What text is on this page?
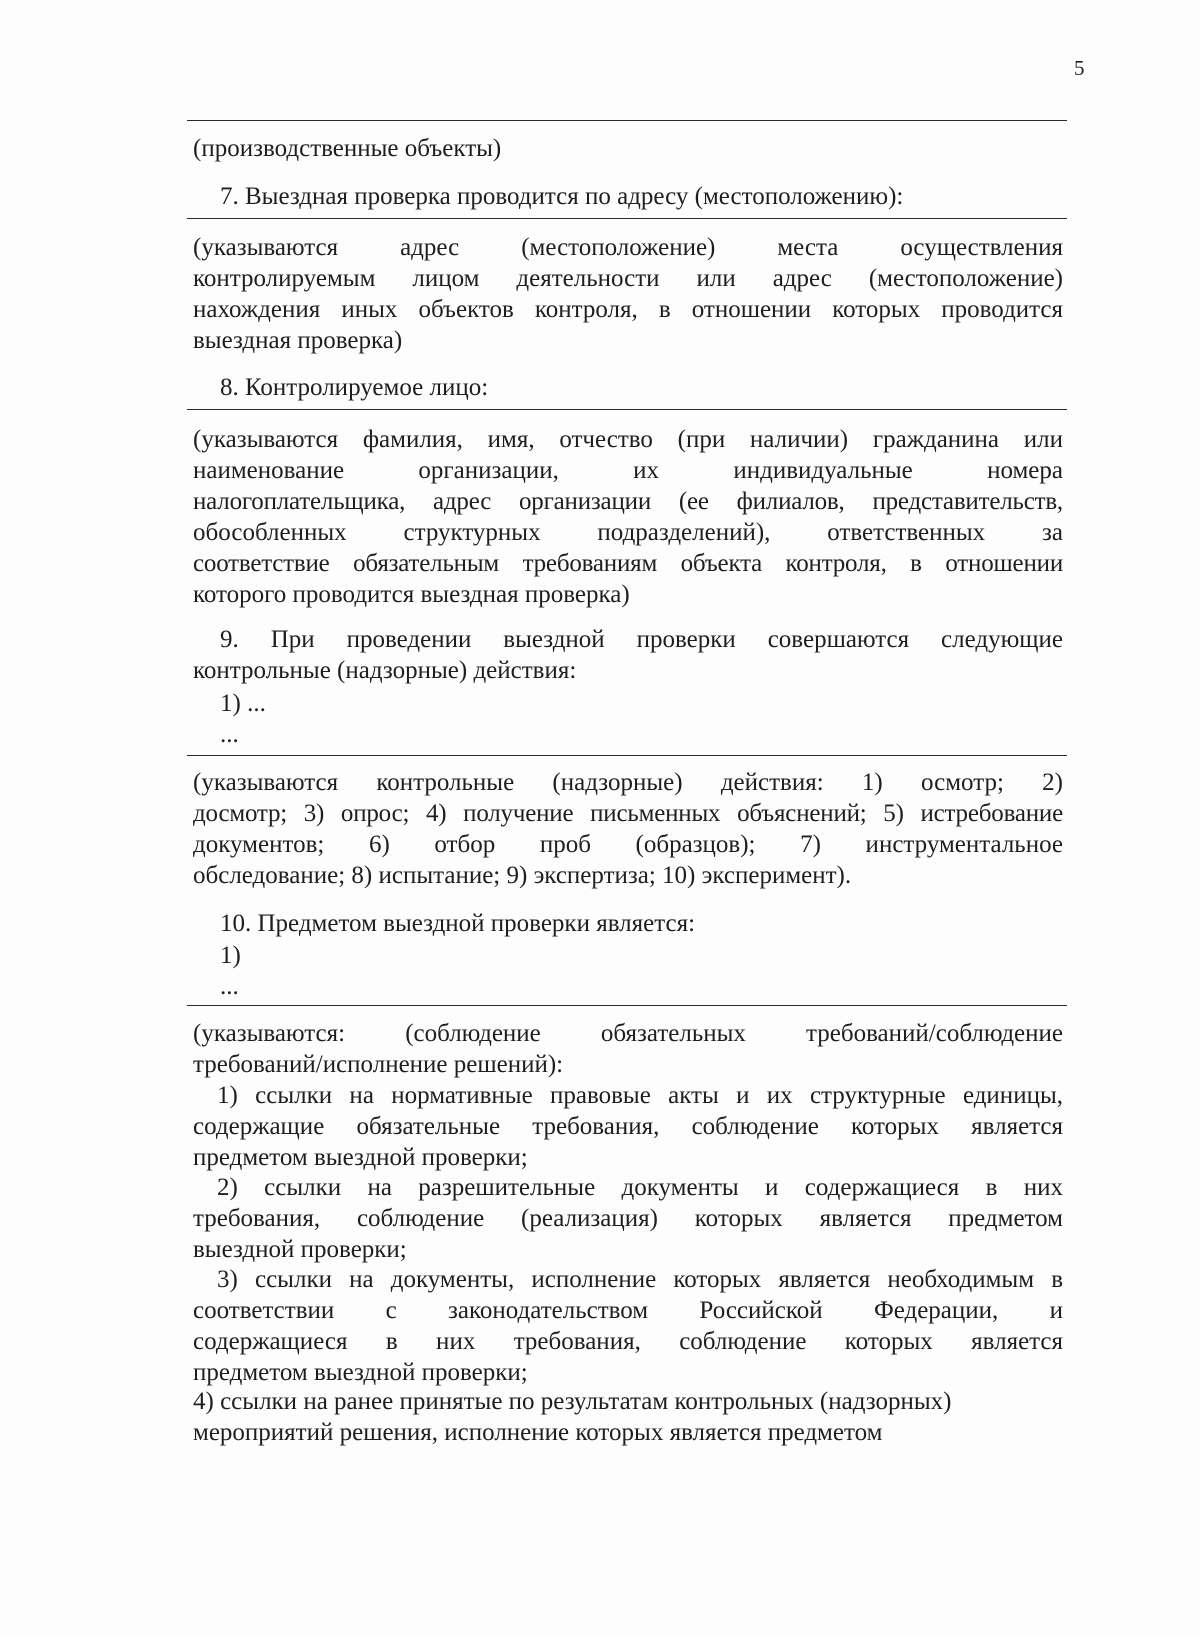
5
(производственные объекты)
7. Выездная проверка проводится по адресу (местоположению):
(указываются адрес (местоположение) места осуществления
контролируемым лицом деятельности или адрес (местоположение)
нахождения иных объектов контроля, в отношении которых проводится
выездная проверка)
8. Контролируемое лицо:
(указываются фамилия, имя, отчество (при наличии) гражданина или
наименование организации, их индивидуальные номера
налогоплательщика, адрес организации (ее филиалов, представительств,
обособленных структурных подразделений), ответственных за
соответствие обязательным требованиям объекта контроля, в отношении
которого проводится выездная проверка)
9. При проведении выездной проверки совершаются следующие
контрольные (надзорные) действия:
1) ...
...
(указываются контрольные (надзорные) действия: 1) осмотр; 2)
досмотр; 3) опрос; 4) получение письменных объяснений; 5) истребование
документов; 6) отбор проб (образцов); 7) инструментальное
обследование; 8) испытание; 9) экспертиза; 10) эксперимент).
10. Предметом выездной проверки является:
1)
...
(указываются: (соблюдение обязательных требований/соблюдение
требований/исполнение решений):
1) ссылки на нормативные правовые акты и их структурные единицы,
содержащие обязательные требования, соблюдение которых является
предметом выездной проверки;
2) ссылки на разрешительные документы и содержащиеся в них
требования, соблюдение (реализация) которых является предметом
выездной проверки;
3) ссылки на документы, исполнение которых является необходимым в
соответствии с законодательством Российской Федерации, и
содержащиеся в них требования, соблюдение которых является
предметом выездной проверки;
4) ссылки на ранее принятые по результатам контрольных (надзорных)
мероприятий решения, исполнение которых является предметом
